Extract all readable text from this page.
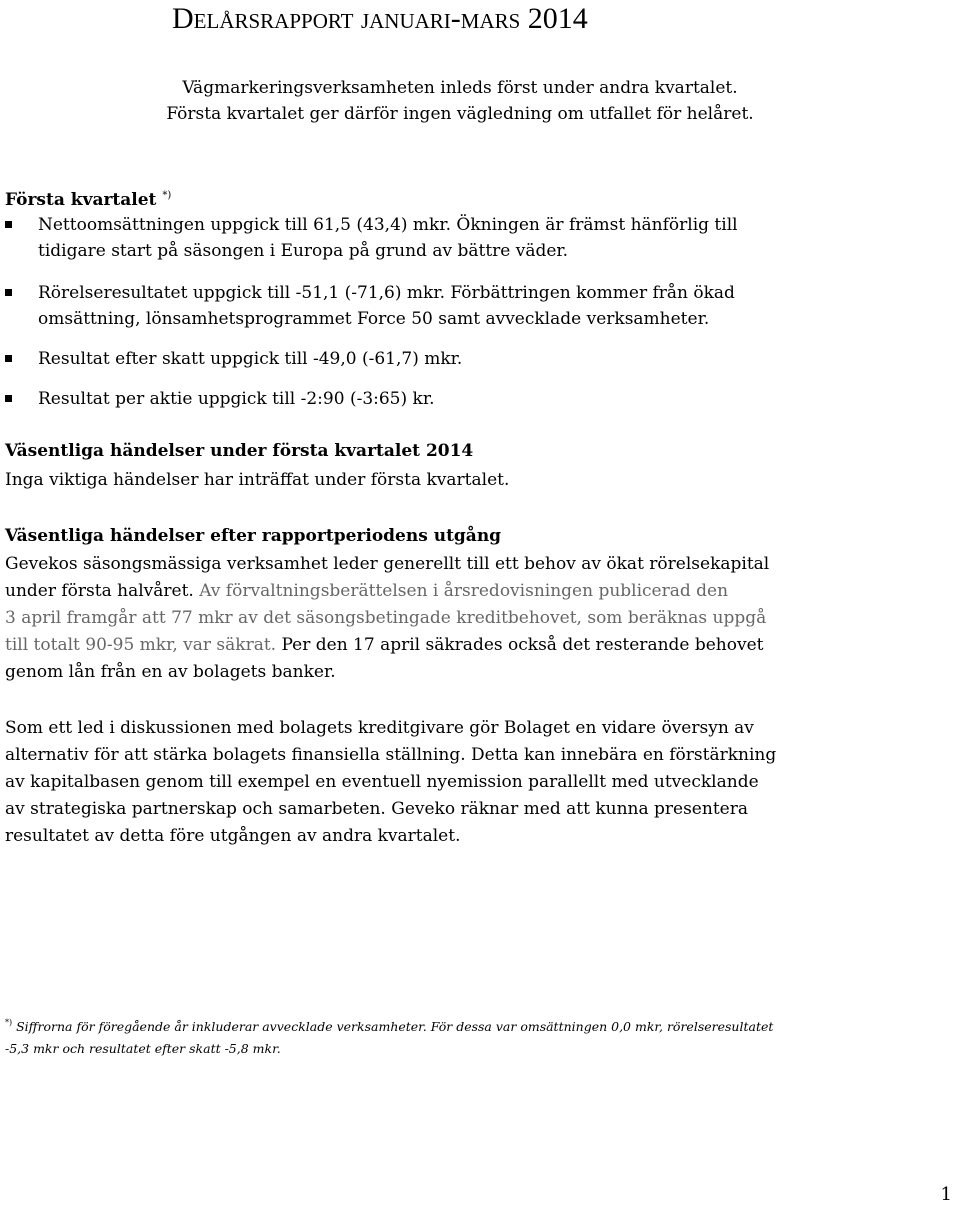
Delårsrapport januari-mars 2014
Vägmarkeringsverksamheten inleds först under andra kvartalet.
Första kvartalet ger därför ingen vägledning om utfallet för helåret.
Första kvartalet *)
Nettoomsättningen uppgick till 61,5 (43,4) mkr. Ökningen är främst hänförlig till
tidigare start på säsongen i Europa på grund av bättre väder.
Rörelseresultatet uppgick till -51,1 (-71,6) mkr. Förbättringen kommer från ökad
omsättning, lönsamhetsprogrammet Force 50 samt avvecklade verksamheter.
Resultat efter skatt uppgick till -49,0 (-61,7) mkr.
Resultat per aktie uppgick till -2:90 (-3:65) kr.
Väsentliga händelser under första kvartalet 2014
Inga viktiga händelser har inträffat under första kvartalet.
Väsentliga händelser efter rapportperiodens utgång
Gevekos säsongsmässiga verksamhet leder generellt till ett behov av ökat rörelsekapital
under första halvåret. Av förvaltningsberättelsen i årsredovisningen publicerad den
3 april framgår att 77 mkr av det säsongsbetingade kreditbehovet, som beräknas uppgå
till totalt 90-95 mkr, var säkrat. Per den 17 april säkrades också det resterande behovet
genom lån från en av bolagets banker.
Som ett led i diskussionen med bolagets kreditgivare gör Bolaget en vidare översyn av
alternativ för att stärka bolagets finansiella ställning. Detta kan innebära en förstärkning
av kapitalbasen genom till exempel en eventuell nyemission parallellt med utvecklande
av strategiska partnerskap och samarbeten. Geveko räknar med att kunna presentera
resultatet av detta före utgången av andra kvartalet.
*) Siffrorna för föregående år inkluderar avvecklade verksamheter. För dessa var omsättningen 0,0 mkr, rörelseresultatet
-5,3 mkr och resultatet efter skatt -5,8 mkr.
1
